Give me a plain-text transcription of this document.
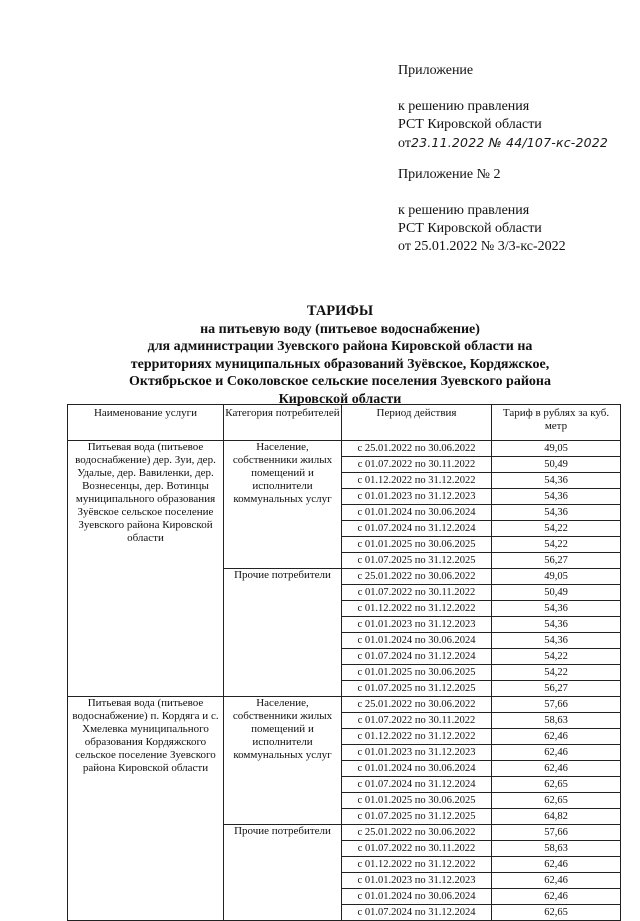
Приложение
к решению правления
РСТ Кировской области
от23.11.2022 № 44/107-кс-2022
Приложение № 2
к решению правления
РСТ Кировской области
от 25.01.2022 № 3/3-кс-2022
ТАРИФЫ
на питьевую воду (питьевое водоснабжение)
для администрации Зуевского района Кировской области на
территориях муниципальных образований Зуёвское, Кордяжское,
Октябрьское и Соколовское сельские поселения Зуевского района
Кировской области
Наименование услуги	Категория потребителей	Период действия	Тариф в рублях за куб. метр
Питьевая вода (питьевое водоснабжение) дер. Зуи, дер. Удалые, дер. Вавиленки, дер. Вознесенцы, дер. Вотинцы муниципального образования Зуёвское сельское поселение Зуевского района Кировской области	Население, собственники жилых помещений и исполнители коммунальных услуг	с 25.01.2022 по 30.06.2022	49,05
		с 01.07.2022 по 30.11.2022	50,49
		с 01.12.2022 по 31.12.2022	54,36
		с 01.01.2023 по 31.12.2023	54,36
		с 01.01.2024 по 30.06.2024	54,36
		с 01.07.2024 по 31.12.2024	54,22
		с 01.01.2025 по 30.06.2025	54,22
		с 01.07.2025 по 31.12.2025	56,27
	Прочие потребители	с 25.01.2022 по 30.06.2022	49,05
		с 01.07.2022 по 30.11.2022	50,49
		с 01.12.2022 по 31.12.2022	54,36
		с 01.01.2023 по 31.12.2023	54,36
		с 01.01.2024 по 30.06.2024	54,36
		с 01.07.2024 по 31.12.2024	54,22
		с 01.01.2025 по 30.06.2025	54,22
		с 01.07.2025 по 31.12.2025	56,27
Питьевая вода (питьевое водоснабжение) п. Кордяга и с. Хмелевка муниципального образования Кордяжского сельское поселение Зуевского района Кировской области	Население, собственники жилых помещений и исполнители коммунальных услуг	с 25.01.2022 по 30.06.2022	57,66
		с 01.07.2022 по 30.11.2022	58,63
		с 01.12.2022 по 31.12.2022	62,46
		с 01.01.2023 по 31.12.2023	62,46
		с 01.01.2024 по 30.06.2024	62,46
		с 01.07.2024 по 31.12.2024	62,65
		с 01.01.2025 по 30.06.2025	62,65
		с 01.07.2025 по 31.12.2025	64,82
	Прочие потребители	с 25.01.2022 по 30.06.2022	57,66
		с 01.07.2022 по 30.11.2022	58,63
		с 01.12.2022 по 31.12.2022	62,46
		с 01.01.2023 по 31.12.2023	62,46
		с 01.01.2024 по 30.06.2024	62,46
		с 01.07.2024 по 31.12.2024	62,65
